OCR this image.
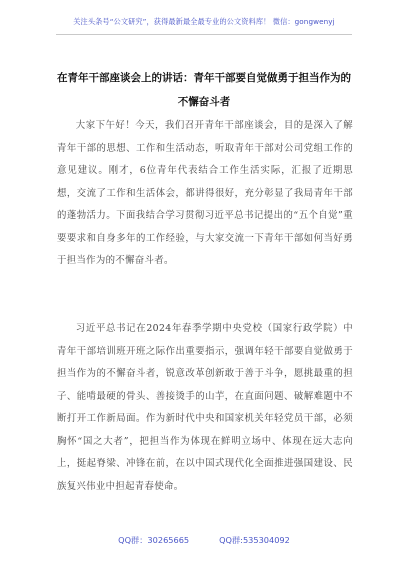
关注头条号“公文研究”，获得最新最全最专业的公文资料库！ 微信：gongwenyj
在青年干部座谈会上的讲话：青年干部要自觉做勇于担当作为的不懈奋斗者

大家下午好！今天，我们召开青年干部座谈会，目的是深入了解青年干部的思想、工作和生活动态，听取青年干部对公司党组工作的意见建议。刚才，6位青年代表结合工作生活实际，汇报了近期思想，交流了工作和生活体会，都讲得很好，充分彰显了我局青年干部的蓬勃活力。下面我结合学习贯彻习近平总书记提出的“五个自觉”重要要求和自身多年的工作经验，与大家交流一下青年干部如何当好勇于担当作为的不懈奋斗者。

习近平总书记在2024年春季学期中央党校（国家行政学院）中青年干部培训班开班之际作出重要指示，强调年轻干部要自觉做勇于担当作为的不懈奋斗者，锐意改革创新敢于善于斗争，愿挑最重的担子、能啃最硬的骨头、善接烫手的山芋，在直面问题、破解难题中不断打开工作新局面。作为新时代中央和国家机关年轻党员干部，必须胸怀“国之大者”，把担当作为体现在鲜明立场中、体现在远大志向上，挺起脊梁、冲锋在前，在以中国式现代化全面推进强国建设、民族复兴伟业中担起青春使命。

QQ群：30265665	QQ群:535304092
